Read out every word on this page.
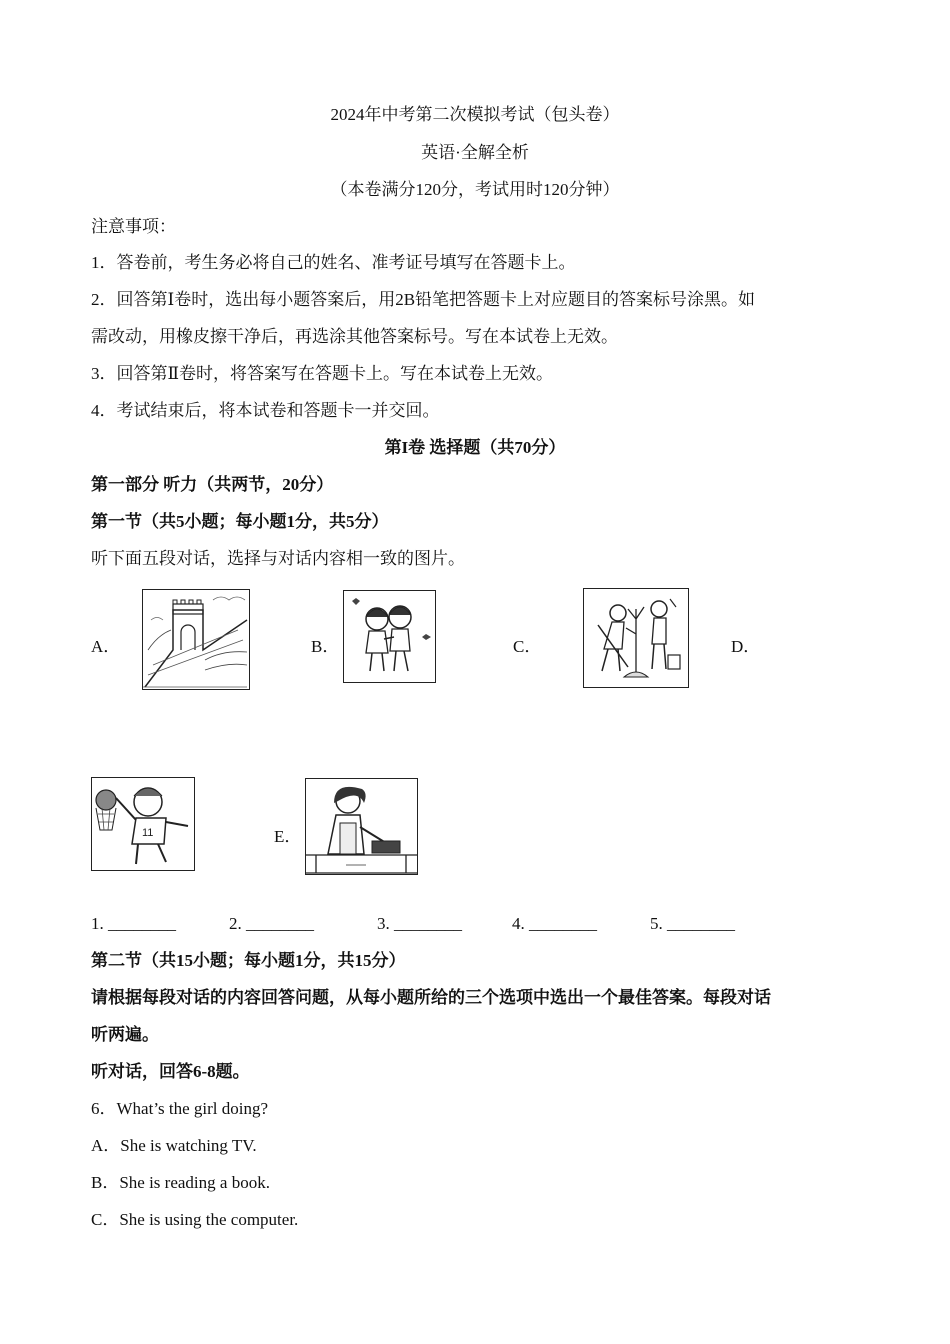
2024年中考第二次模拟考试（包头卷）
英语·全解全析
（本卷满分120分，考试用时120分钟）
注意事项：
1．答卷前，考生务必将自己的姓名、准考证号填写在答题卡上。
2．回答第Ⅰ卷时，选出每小题答案后，用2B铅笔把答题卡上对应题目的答案标号涂黑。如
需改动，用橡皮擦干净后，再选涂其他答案标号。写在本试卷上无效。
3．回答第Ⅱ卷时，将答案写在答题卡上。写在本试卷上无效。
4．考试结束后，将本试卷和答题卡一并交回。
第I卷 选择题（共70分）
第一部分 听力（共两节，20分）
第一节（共5小题；每小题1分，共5分）
听下面五段对话，选择与对话内容相一致的图片。
A．	B．	C．	D．
11	E．
1. ________	2. ________	3. ________	4. ________	5. ________
第二节（共15小题；每小题1分，共15分）
请根据每段对话的内容回答问题，从每小题所给的三个选项中选出一个最佳答案。每段对话
听两遍。
听对话，回答6-8题。
6．What’s the girl doing?
A．She is watching TV.
B．She is reading a book.
C．She is using the computer.
